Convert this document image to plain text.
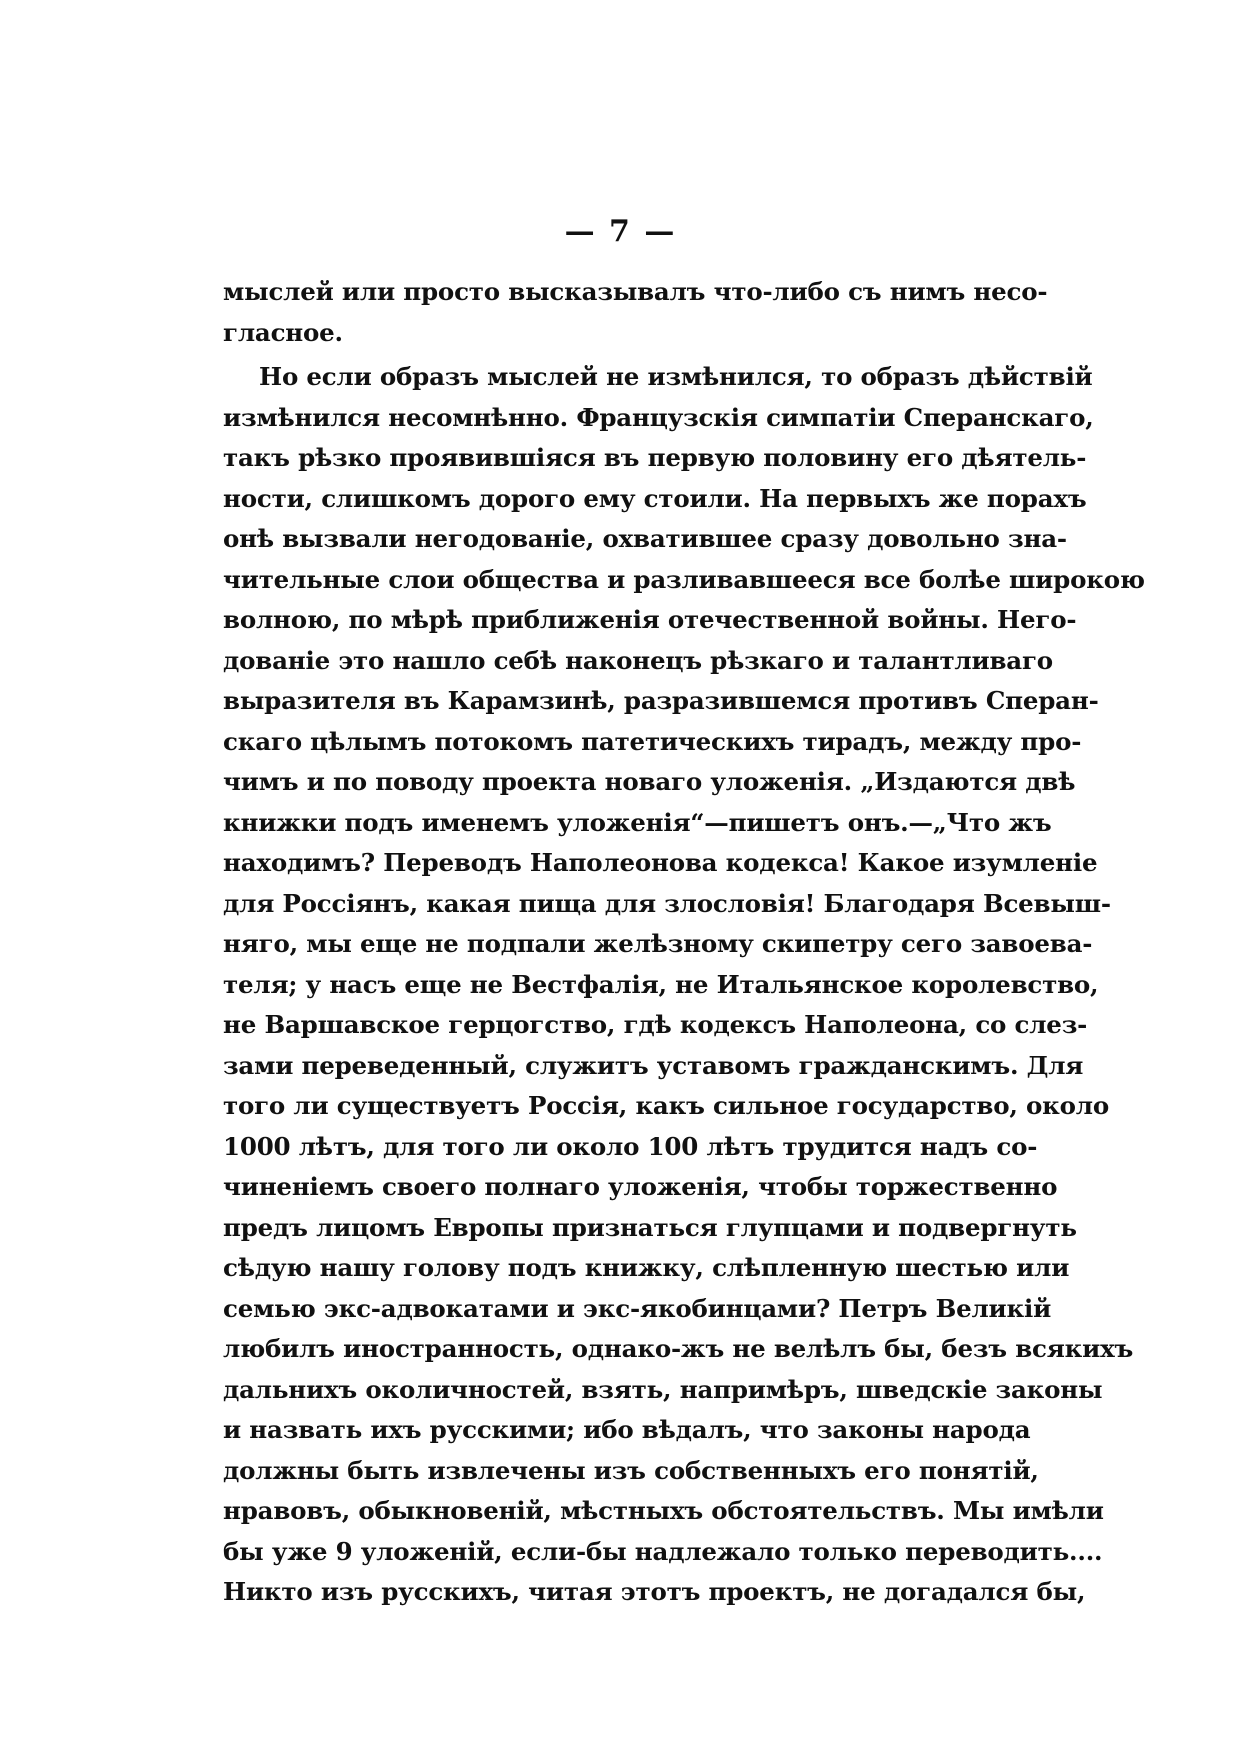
— 7 —
мыслей или просто высказывалъ что-либо съ нимъ несо-
гласное.
Но если образъ мыслей не измѣнился, то образъ дѣйствій
измѣнился несомнѣнно. Французскія симпатіи Сперанскаго,
такъ рѣзко проявившіяся въ первую половину его дѣятель-
ности, слишкомъ дорого ему стоили. На первыхъ же порахъ
онѣ вызвали негодованіе, охватившее сразу довольно зна-
чительные слои общества и разливавшееся все болѣе широкою
волною, по мѣрѣ приближенія отечественной войны. Него-
дованіе это нашло себѣ наконецъ рѣзкаго и талантливаго
выразителя въ Карамзинѣ, разразившемся противъ Сперан-
скаго цѣлымъ потокомъ патетическихъ тирадъ, между про-
чимъ и по поводу проекта новаго уложенія. „Издаются двѣ
книжки подъ именемъ уложенія“—пишетъ онъ.—„Что жъ
находимъ? Переводъ Наполеонова кодекса! Какое изумленіе
для Россіянъ, какая пища для злословія! Благодаря Всевыш-
няго, мы еще не подпали желѣзному скипетру сего завоева-
теля; у насъ еще не Вестфалія, не Итальянское королевство,
не Варшавское герцогство, гдѣ кодексъ Наполеона, со слез-
зами переведенный, служитъ уставомъ гражданскимъ. Для
того ли существуетъ Россія, какъ сильное государство, около
1000 лѣтъ, для того ли около 100 лѣтъ трудится надъ со-
чиненіемъ своего полнаго уложенія, чтобы торжественно
предъ лицомъ Европы признаться глупцами и подвергнуть
сѣдую нашу голову подъ книжку, слѣпленную шестью или
семью экс-адвокатами и экс-якобинцами? Петръ Великій
любилъ иностранность, однако-жъ не велѣлъ бы, безъ всякихъ
дальнихъ околичностей, взять, напримѣръ, шведскіе законы
и назвать ихъ русскими; ибо вѣдалъ, что законы народа
должны быть извлечены изъ собственныхъ его понятій,
нравовъ, обыкновеній, мѣстныхъ обстоятельствъ. Мы имѣли
бы уже 9 уложеній, если-бы надлежало только переводить....
Никто изъ русскихъ, читая этотъ проектъ, не догадался бы,
